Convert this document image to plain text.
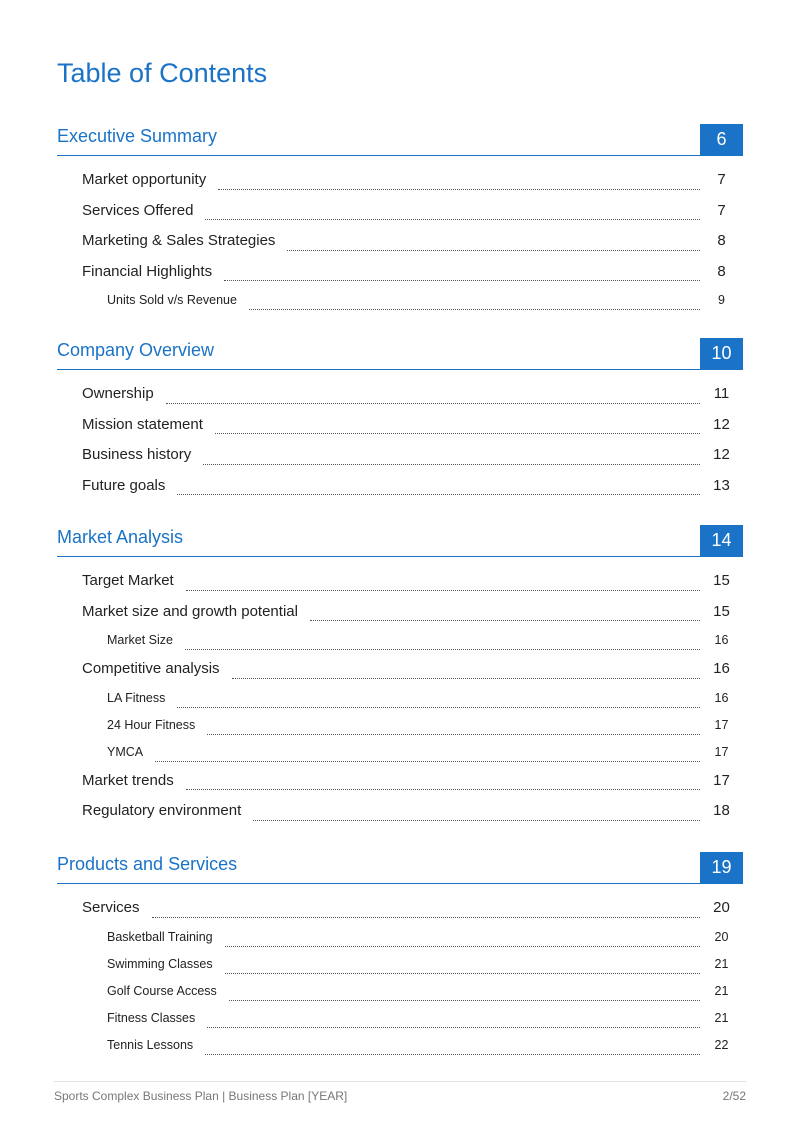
Table of Contents
Executive Summary	6
Market opportunity	7
Services Offered	7
Marketing & Sales Strategies	8
Financial Highlights	8
Units Sold v/s Revenue	9
Company Overview	10
Ownership	11
Mission statement	12
Business history	12
Future goals	13
Market Analysis	14
Target Market	15
Market size and growth potential	15
Market Size	16
Competitive analysis	16
LA Fitness	16
24 Hour Fitness	17
YMCA	17
Market trends	17
Regulatory environment	18
Products and Services	19
Services	20
Basketball Training	20
Swimming Classes	21
Golf Course Access	21
Fitness Classes	21
Tennis Lessons	22
Sports Complex Business Plan | Business Plan [YEAR]	2/52
